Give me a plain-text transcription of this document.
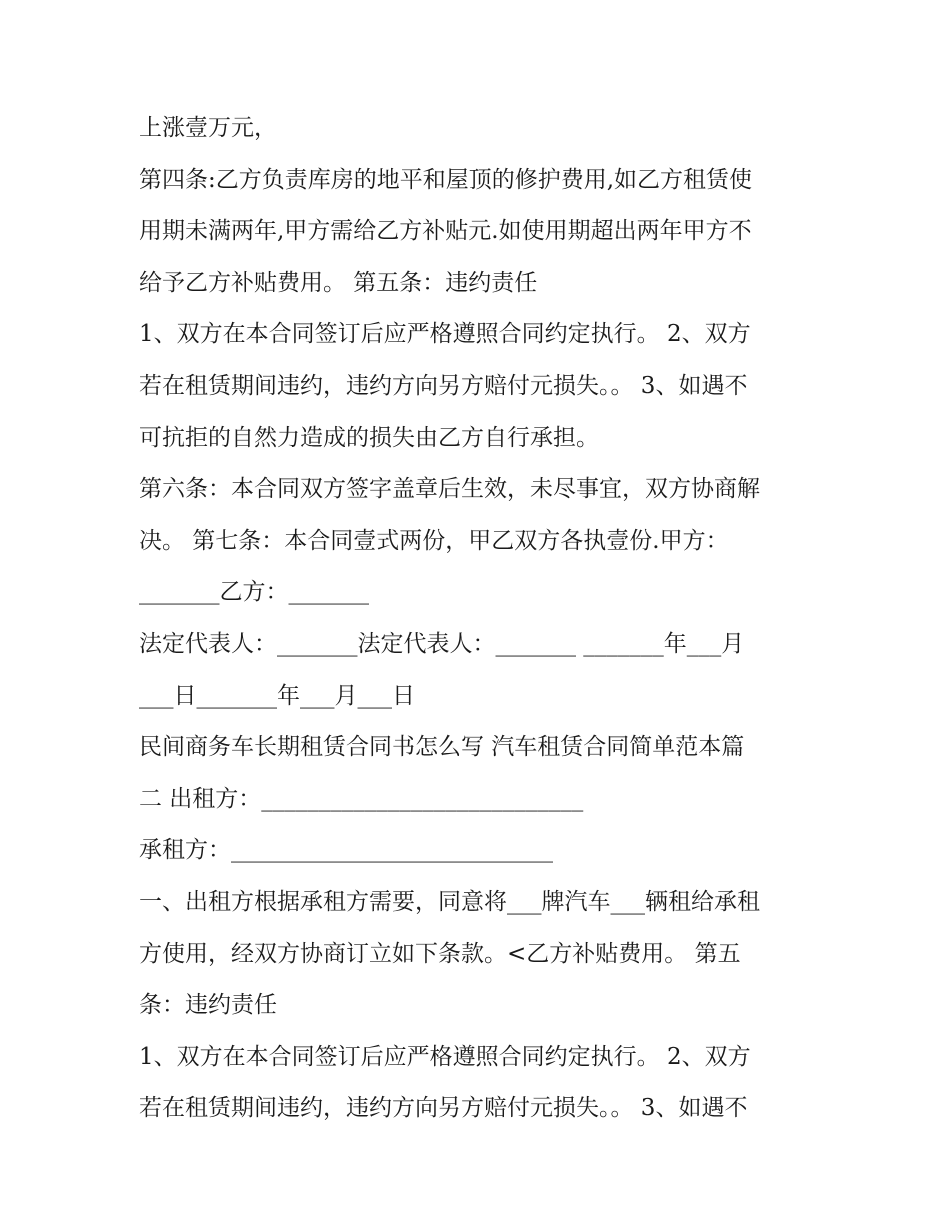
上涨壹万元，
第四条:乙方负责库房的地平和屋顶的修护费用,如乙方租赁使
用期未满两年,甲方需给乙方补贴元.如使用期超出两年甲方不
给予乙方补贴费用。 第五条：违约责任
1、双方在本合同签订后应严格遵照合同约定执行。 2、双方
若在租赁期间违约，违约方向另方赔付元损失。。 3、如遇不
可抗拒的自然力造成的损失由乙方自行承担。
第六条：本合同双方签字盖章后生效，未尽事宜，双方协商解
决。 第七条：本合同壹式两份，甲乙双方各执壹份.甲方：
_______乙方：_______
法定代表人：_______法定代表人：_______ _______年___月
___日_______年___月___日
民间商务车长期租赁合同书怎么写 汽车租赁合同简单范本篇
二 出租方：____________________________
承租方：____________________________
一、出租方根据承租方需要，同意将___牌汽车___辆租给承租
方使用，经双方协商订立如下条款。<乙方补贴费用。 第五
条：违约责任
1、双方在本合同签订后应严格遵照合同约定执行。 2、双方
若在租赁期间违约，违约方向另方赔付元损失。。 3、如遇不
